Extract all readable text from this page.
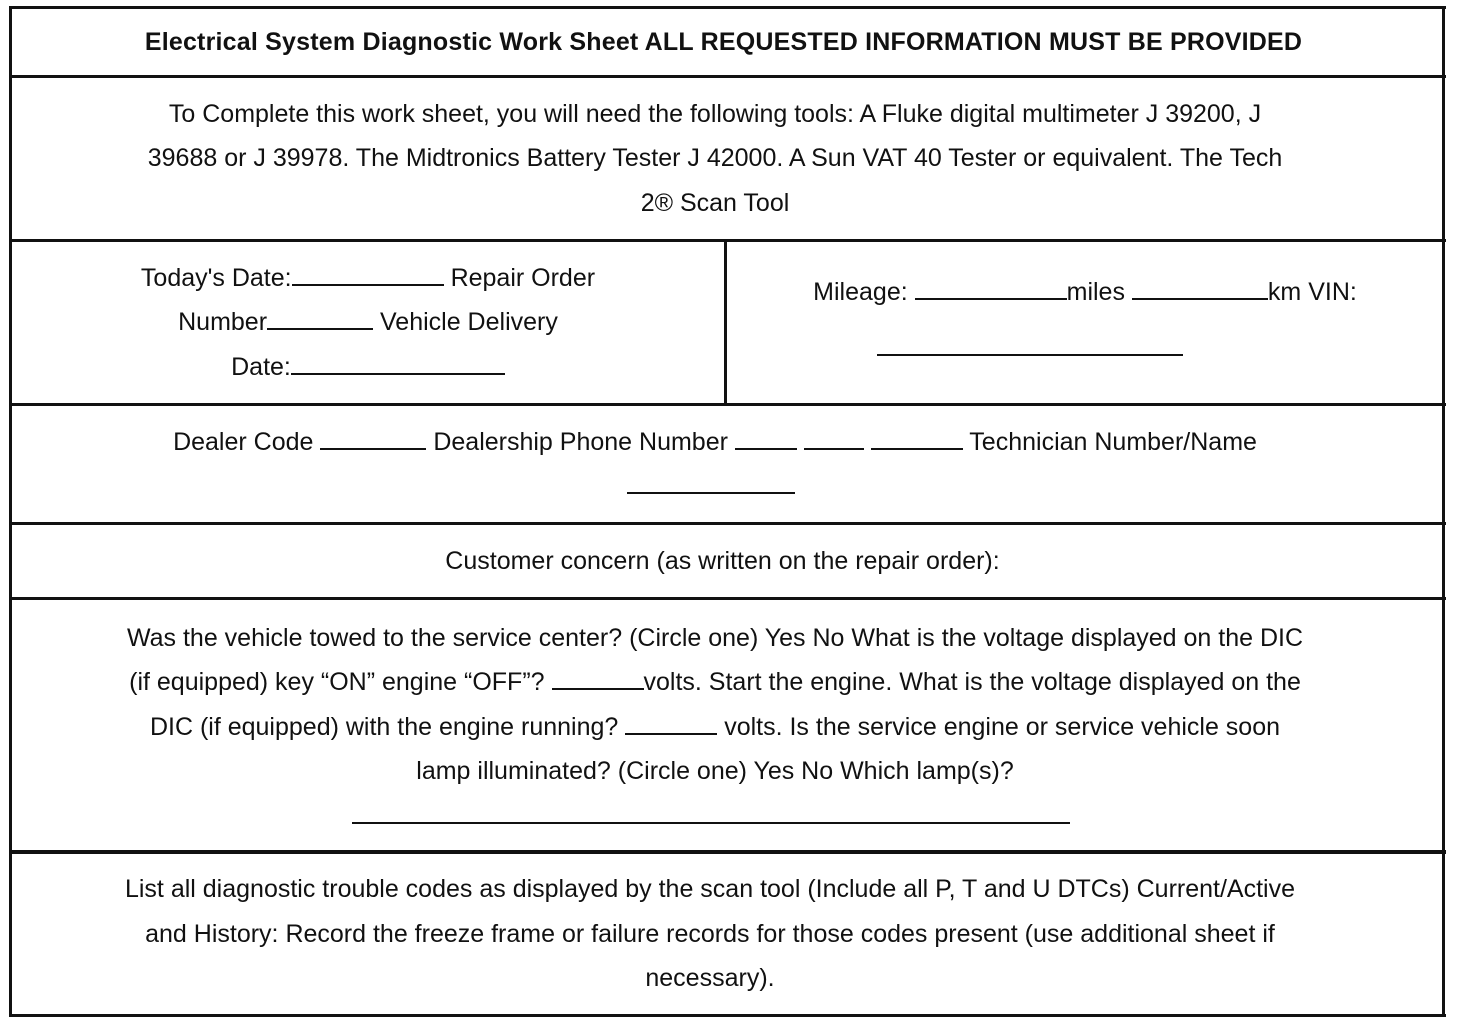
Electrical System Diagnostic Work Sheet ALL REQUESTED INFORMATION MUST BE PROVIDED
To Complete this work sheet, you will need the following tools: A Fluke digital multimeter J 39200, J
39688 or J 39978. The Midtronics Battery Tester J 42000. A Sun VAT 40 Tester or equivalent. The Tech
2® Scan Tool
Today's Date:	Repair Order
Number	Vehicle Delivery
Date:
Mileage:	miles	km VIN:
Dealer Code	Dealership Phone Number	Technician Number/Name
Customer concern (as written on the repair order):
Was the vehicle towed to the service center? (Circle one) Yes No What is the voltage displayed on the DIC
(if equipped) key “ON” engine “OFF”?	volts. Start the engine. What is the voltage displayed on the
DIC (if equipped) with the engine running?	volts. Is the service engine or service vehicle soon
lamp illuminated? (Circle one) Yes No Which lamp(s)?
List all diagnostic trouble codes as displayed by the scan tool (Include all P, T and U DTCs) Current/Active
and History: Record the freeze frame or failure records for those codes present (use additional sheet if
necessary).
